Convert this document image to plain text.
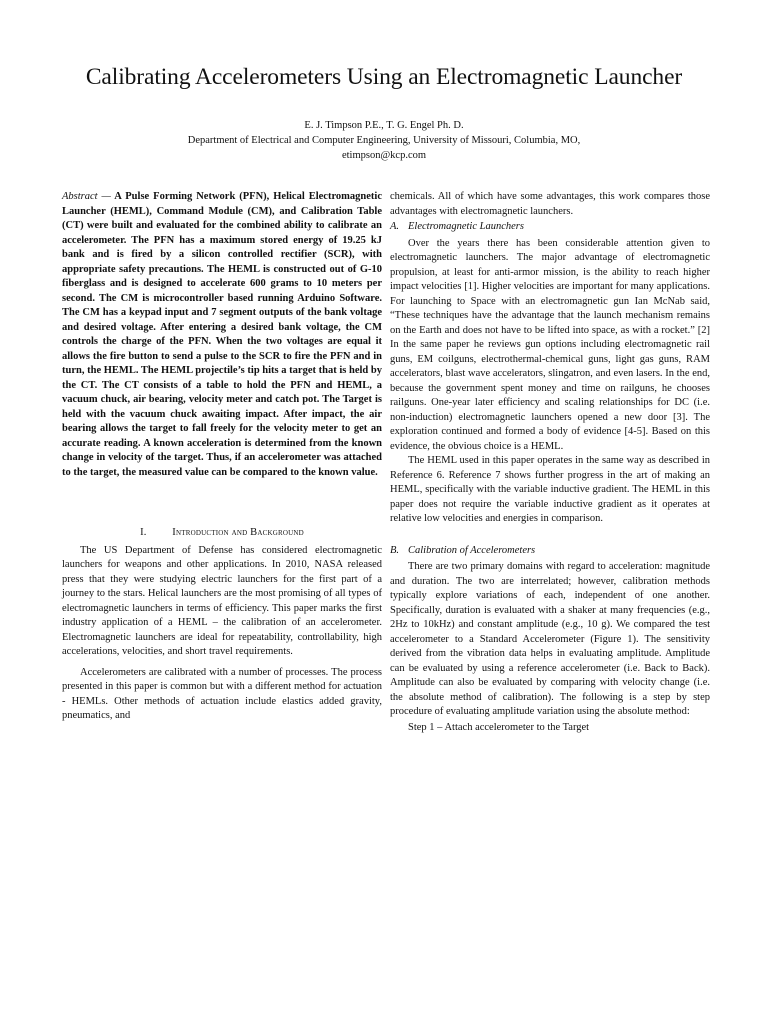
Calibrating Accelerometers Using an Electromagnetic Launcher
E. J. Timpson P.E., T. G. Engel Ph. D.
Department of Electrical and Computer Engineering, University of Missouri, Columbia, MO,
etimpson@kcp.com

Abstract — A Pulse Forming Network (PFN), Helical Electromagnetic Launcher (HEML), Command Module (CM), and Calibration Table (CT) were built and evaluated for the combined ability to calibrate an accelerometer. The PFN has a maximum stored energy of 19.25 kJ bank and is fired by a silicon controlled rectifier (SCR), with appropriate safety precautions. The HEML is constructed out of G-10 fiberglass and is designed to accelerate 600 grams to 10 meters per second. The CM is microcontroller based running Arduino Software. The CM has a keypad input and 7 segment outputs of the bank voltage and desired voltage. After entering a desired bank voltage, the CM controls the charge of the PFN. When the two voltages are equal it allows the fire button to send a pulse to the SCR to fire the PFN and in turn, the HEML. The HEML projectile’s tip hits a target that is held by the CT. The CT consists of a table to hold the PFN and HEML, a vacuum chuck, air bearing, velocity meter and catch pot. The Target is held with the vacuum chuck awaiting impact. After impact, the air bearing allows the target to fall freely for the velocity meter to get an accurate reading. A known acceleration is determined from the known change in velocity of the target. Thus, if an accelerometer was attached to the target, the measured value can be compared to the known value.

I. Introduction and Background

The US Department of Defense has considered electromagnetic launchers for weapons and other applications. In 2010, NASA released press that they were studying electric launchers for the first part of a journey to the stars. Helical launchers are the most promising of all types of electromagnetic launchers in terms of efficiency. This paper marks the first industry application of a HEML – the calibration of an accelerometer. Electromagnetic launchers are ideal for repeatability, controllability, high accelerations, velocities, and short travel requirements.

Accelerometers are calibrated with a number of processes. The process presented in this paper is common but with a different method for actuation - HEMLs. Other methods of actuation include elastics added gravity, pneumatics, and

chemicals. All of which have some advantages, this work compares those advantages with electromagnetic launchers.

A. Electromagnetic Launchers

Over the years there has been considerable attention given to electromagnetic launchers. The major advantage of electromagnetic propulsion, at least for anti-armor mission, is the ability to reach higher impact velocities [1]. Higher velocities are important for many applications. For launching to Space with an electromagnetic gun Ian McNab said, “These techniques have the advantage that the launch mechanism remains on the Earth and does not have to be lifted into space, as with a rocket.” [2] In the same paper he reviews gun options including electromagnetic rail guns, EM coilguns, electrothermal-chemical guns, light gas guns, RAM accelerators, blast wave accelerators, slingatron, and even lasers. In the end, because the government spent money and time on railguns, he chooses railguns. One-year later efficiency and scaling relationships for DC (i.e. non-induction) electromagnetic launchers opened a new door [3]. The exploration continued and formed a body of evidence [4-5]. Based on this evidence, the obvious choice is a HEML.

The HEML used in this paper operates in the same way as described in Reference 6. Reference 7 shows further progress in the art of making an HEML, specifically with the variable inductive gradient. The HEML in this paper does not require the variable inductive gradient as it operates at relative low velocities and energies in comparison.

B. Calibration of Accelerometers

There are two primary domains with regard to acceleration: magnitude and duration. The two are interrelated; however, calibration methods typically explore variations of each, independent of one another. Specifically, duration is evaluated with a shaker at many frequencies (e.g., 2Hz to 10kHz) and constant amplitude (e.g., 10 g). We compared the test accelerometer to a Standard Accelerometer (Figure 1). The sensitivity derived from the vibration data helps in evaluating amplitude. Amplitude can be evaluated by using a reference accelerometer (i.e. Back to Back). Amplitude can also be evaluated by comparing with velocity change (i.e. the absolute method of calibration). The following is a step by step procedure of evaluating amplitude variation using the absolute method:

Step 1 – Attach accelerometer to the Target
